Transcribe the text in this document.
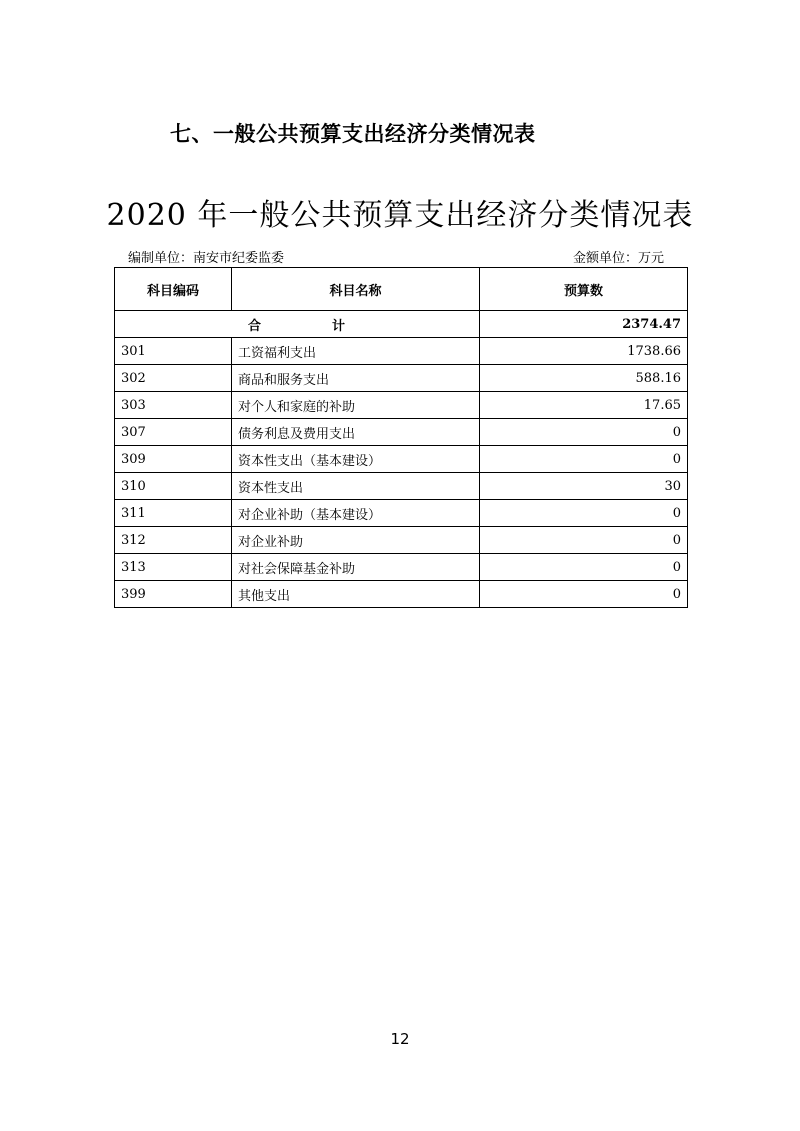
七、一般公共预算支出经济分类情况表
2020 年一般公共预算支出经济分类情况表
编制单位：南安市纪委监委	金额单位：万元
科目编码	科目名称	预算数
合 计		2374.47
301	工资福利支出	1738.66
302	商品和服务支出	588.16
303	对个人和家庭的补助	17.65
307	债务利息及费用支出	0
309	资本性支出（基本建设）	0
310	资本性支出	30
311	对企业补助（基本建设）	0
312	对企业补助	0
313	对社会保障基金补助	0
399	其他支出	0
12
